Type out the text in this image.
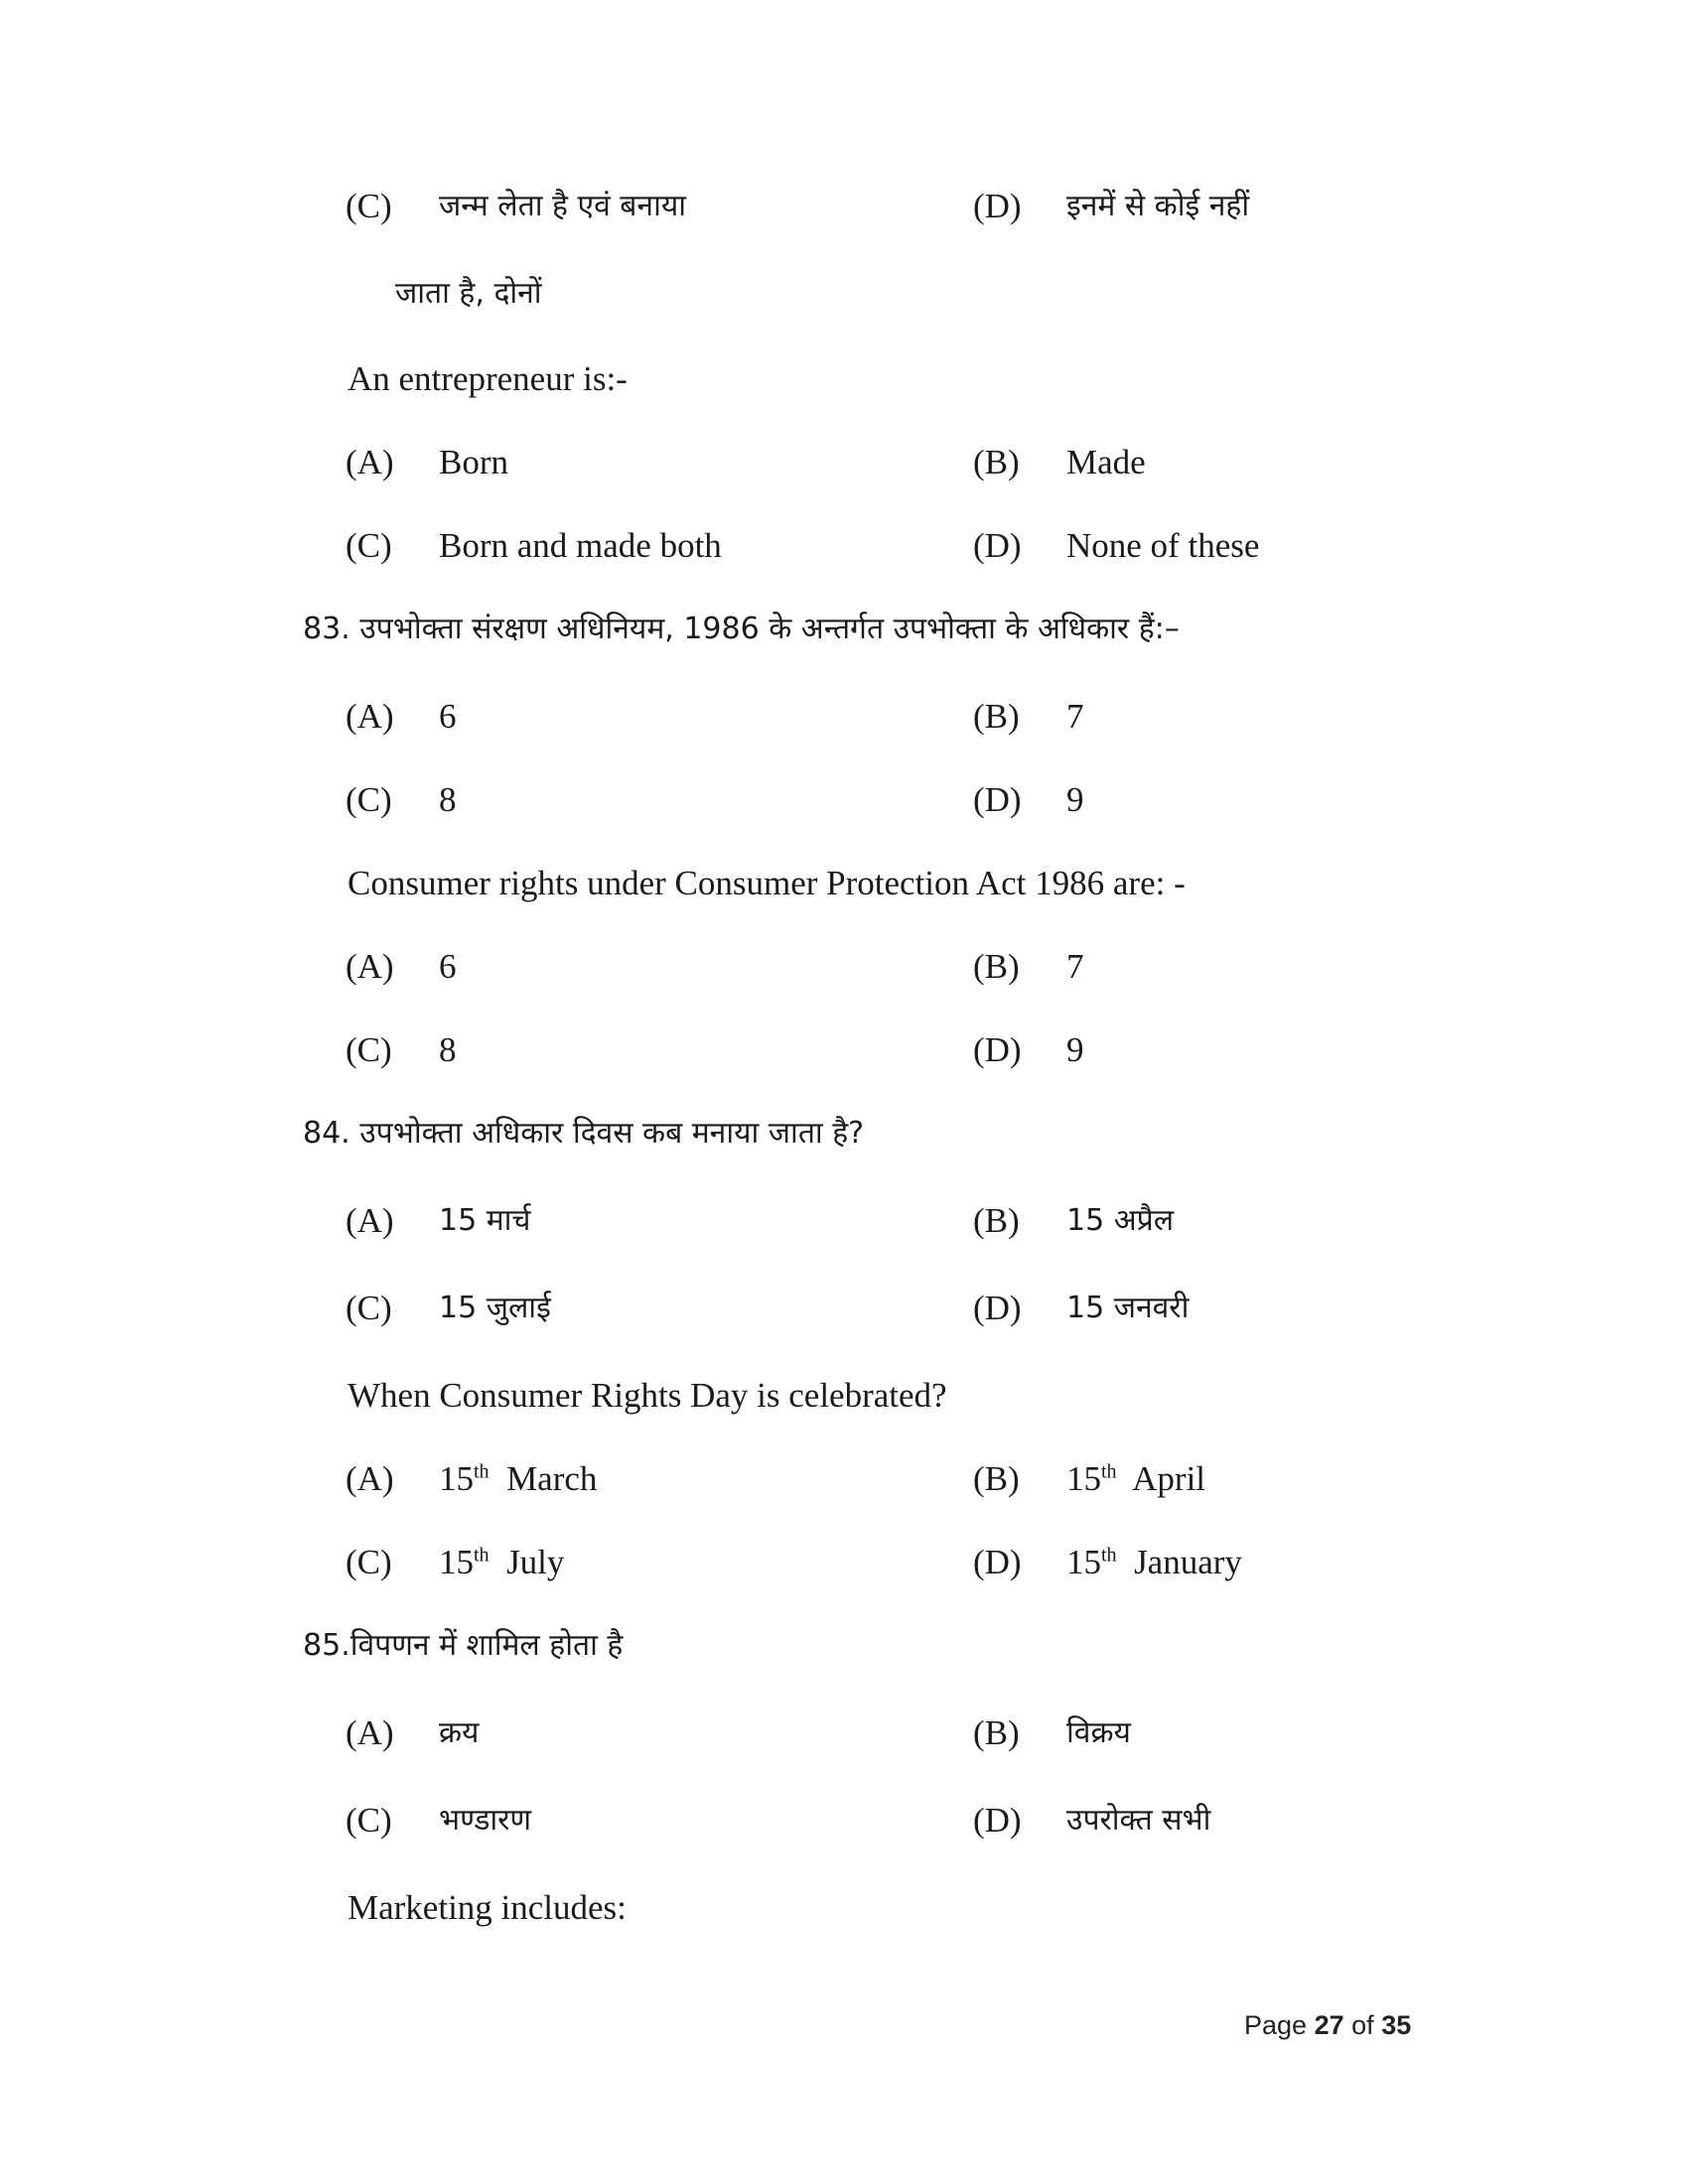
(C) जन्म लेता है एवं बनाया	(D) इनमें से कोई नहीं
जाता है, दोनों
An entrepreneur is:-
(A) Born	(B) Made
(C) Born and made both	(D) None of these
83. उपभोक्ता संरक्षण अधिनियम, 1986 के अन्तर्गत उपभोक्ता के अधिकार हैं:–
(A) 6	(B) 7
(C) 8	(D) 9
Consumer rights under Consumer Protection Act 1986 are: -
(A) 6	(B) 7
(C) 8	(D) 9
84. उपभोक्ता अधिकार दिवस कब मनाया जाता है?
(A) 15 मार्च	(B) 15 अप्रैल
(C) 15 जुलाई	(D) 15 जनवरी
When Consumer Rights Day is celebrated?
(A) 15th March	(B) 15th April
(C) 15th July	(D) 15th January
85.विपणन में शामिल होता है
(A) क्रय	(B) विक्रय
(C) भण्डारण	(D) उपरोक्त सभी
Marketing includes:
Page 27 of 35
